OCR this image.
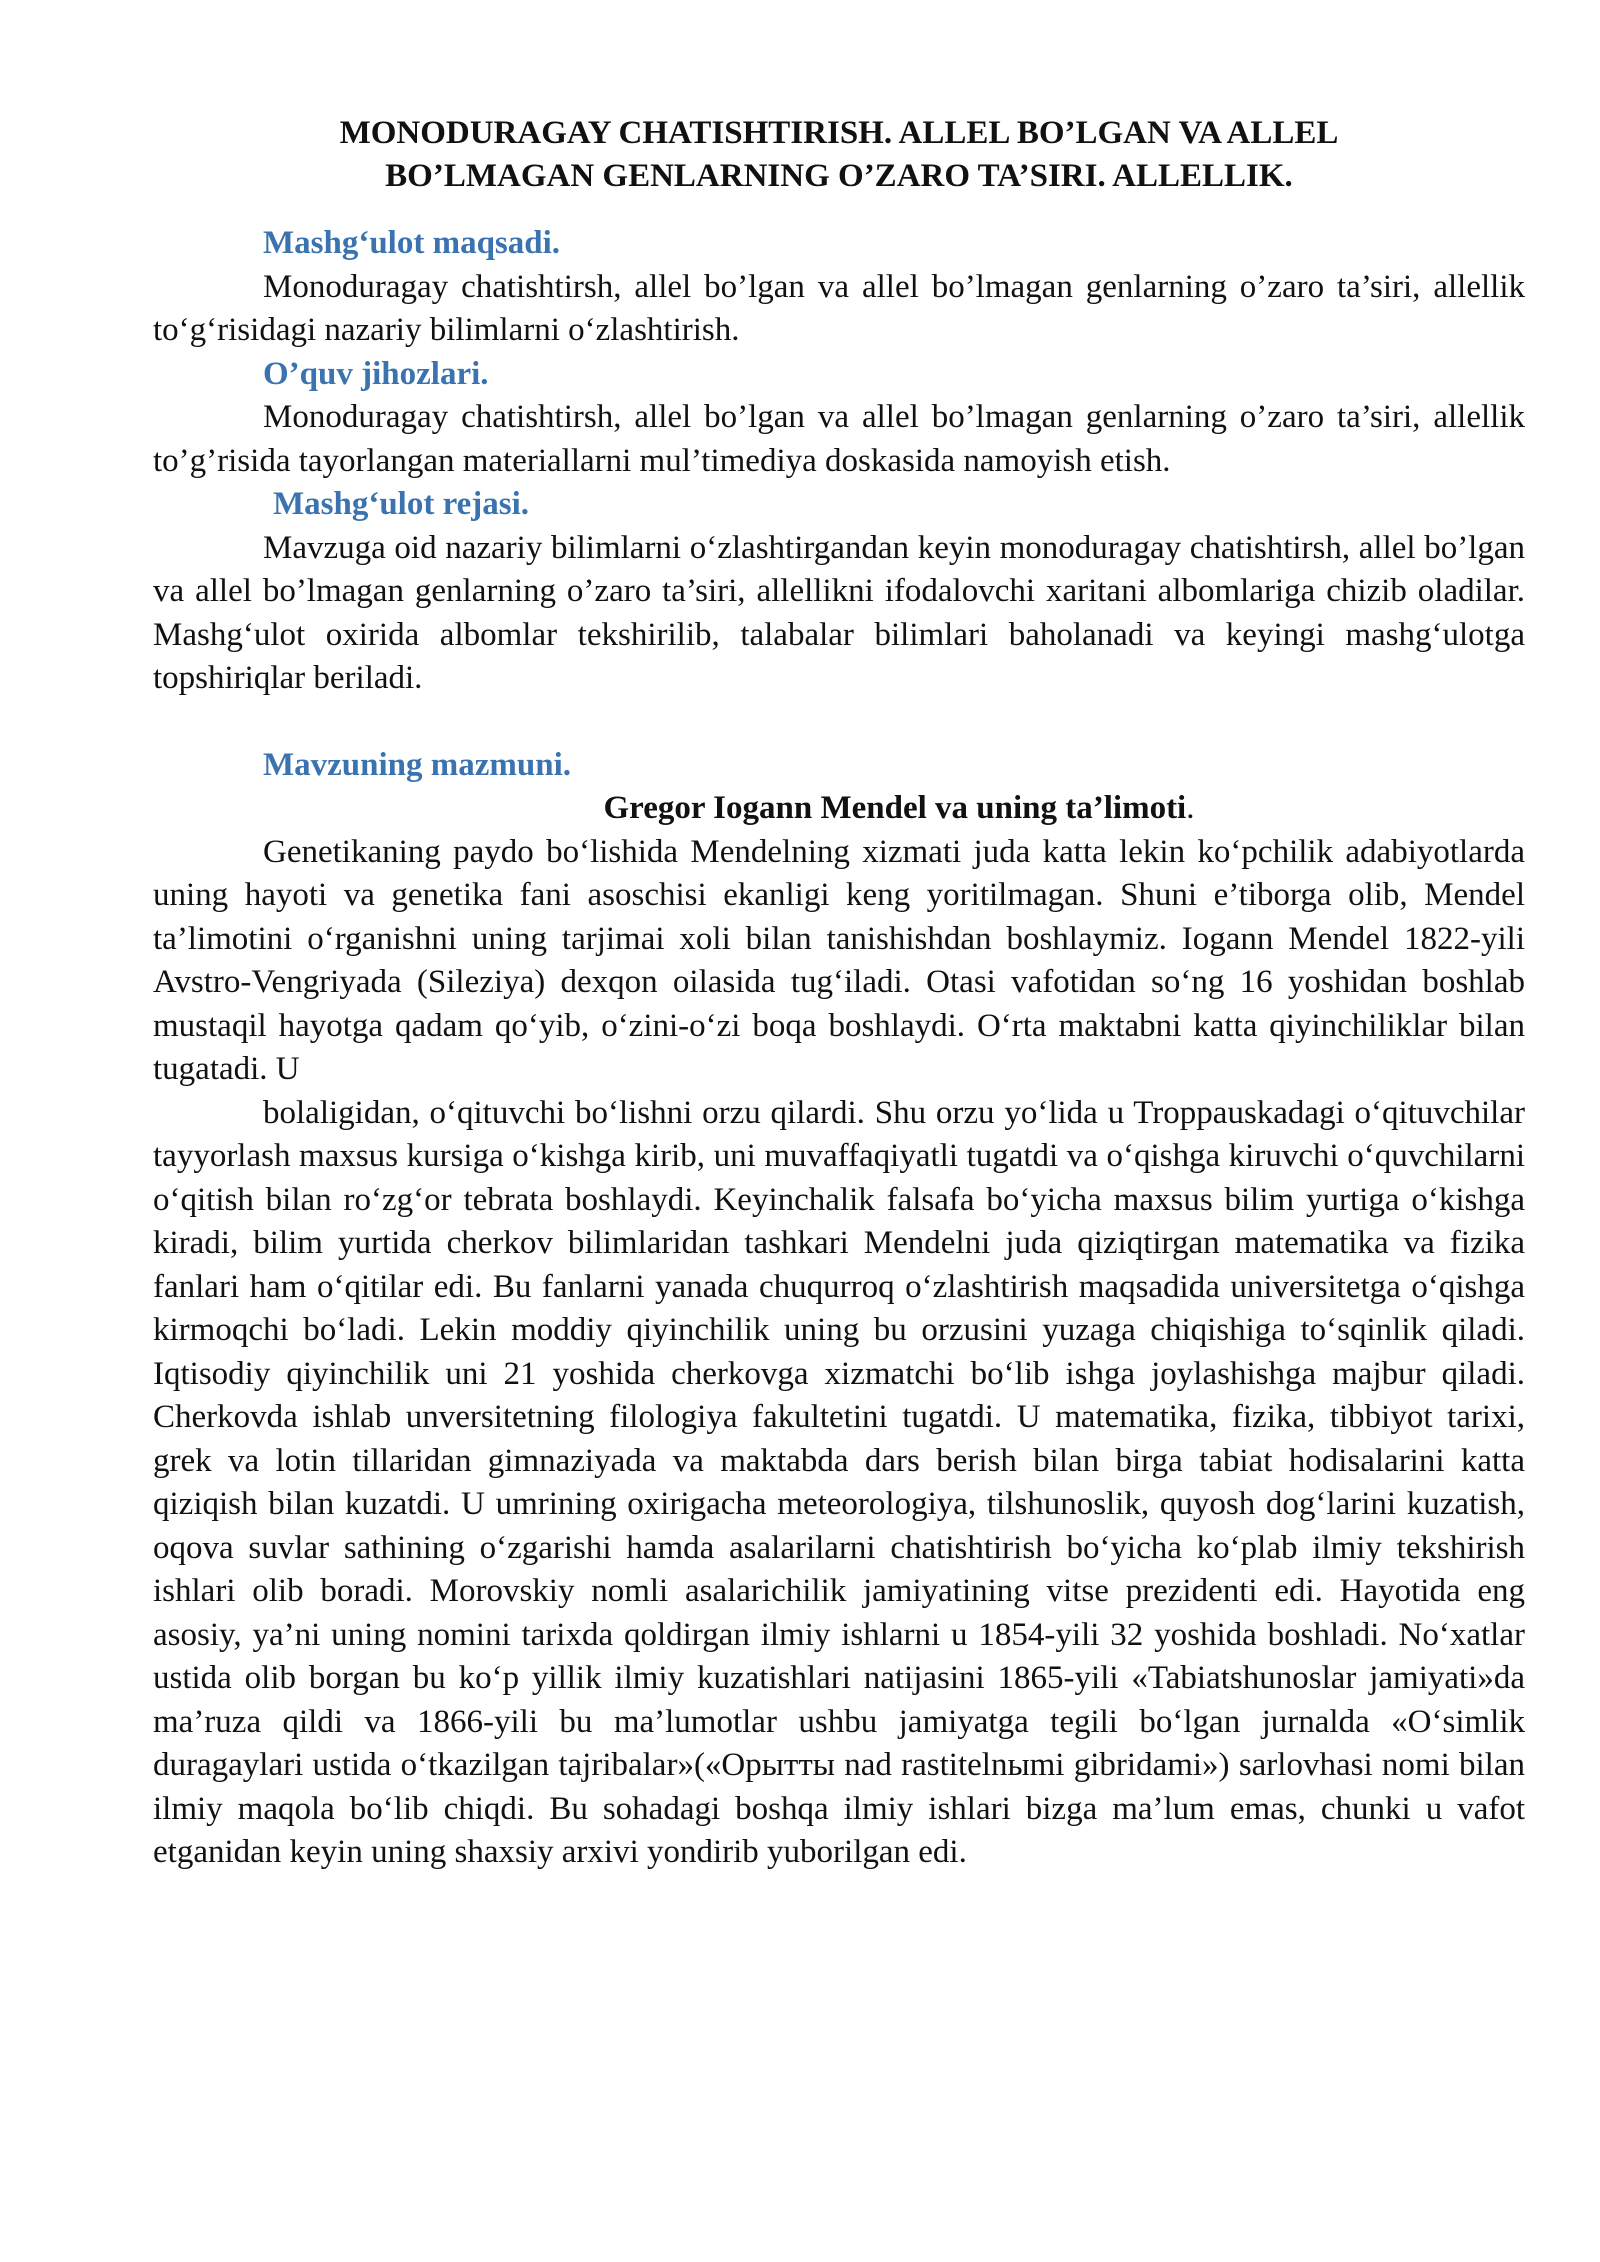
MONODURAGAY CHATISHTIRISH. ALLEL BO’LGAN VA ALLEL
BO’LMAGAN GENLARNING O’ZARO TA’SIRI. ALLELLIK.

Mashg‘ulot maqsadi.

Monoduragay chatishtirsh, allel bo’lgan va allel bo’lmagan genlarning o’zaro ta’siri, allellik to‘g‘risidagi nazariy bilimlarni o‘zlashtirish.

O’quv jihozlari.

Monoduragay chatishtirsh, allel bo’lgan va allel bo’lmagan genlarning o’zaro ta’siri, allellik to’g’risida tayorlangan materiallarni mul’timediya doskasida namoyish etish.

Mashg‘ulot rejasi.

Mavzuga oid nazariy bilimlarni o‘zlashtirgandan keyin monoduragay chatishtirsh, allel bo’lgan va allel bo’lmagan genlarning o’zaro ta’siri, allellikni ifodalovchi xaritani albomlariga chizib oladilar. Mashg‘ulot oxirida albomlar tekshirilib, talabalar bilimlari baholanadi va keyingi mashg‘ulotga topshiriqlar beriladi.

Mavzuning mazmuni.

Gregor Iogann Mendel va uning ta’limoti.

Genetikaning paydo bo‘lishida Mendelning xizmati juda katta lekin ko‘pchilik adabiyotlarda uning hayoti va genetika fani asoschisi ekanligi keng yoritilmagan. Shuni e’tiborga olib, Mendel ta’limotini o‘rganishni uning tarjimai xoli bilan tanishishdan boshlaymiz. Iogann Mendel 1822-yili Avstro-Vengriyada (Sileziya) dexqon oilasida tug‘iladi. Otasi vafotidan so‘ng 16 yoshidan boshlab mustaqil hayotga qadam qo‘yib, o‘zini-o‘zi boqa boshlaydi. O‘rta maktabni katta qiyinchiliklar bilan tugatadi. U

bolaligidan, o‘qituvchi bo‘lishni orzu qilardi. Shu orzu yo‘lida u Troppauskadagi o‘qituvchilar tayyorlash maxsus kursiga o‘kishga kirib, uni muvaffaqiyatli tugatdi va o‘qishga kiruvchi o‘quvchilarni o‘qitish bilan ro‘zg‘or tebrata boshlaydi. Keyinchalik falsafa bo‘yicha maxsus bilim yurtiga o‘kishga kiradi, bilim yurtida cherkov bilimlaridan tashkari Mendelni juda qiziqtirgan matematika va fizika fanlari ham o‘qitilar edi. Bu fanlarni yanada chuqurroq o‘zlashtirish maqsadida universitetga o‘qishga kirmoqchi bo‘ladi. Lekin moddiy qiyinchilik uning bu orzusini yuzaga chiqishiga to‘sqinlik qiladi. Iqtisodiy qiyinchilik uni 21 yoshida cherkovga xizmatchi bo‘lib ishga joylashishga majbur qiladi. Cherkovda ishlab unversitetning filologiya fakultetini tugatdi. U matematika, fizika, tibbiyot tarixi, grek va lotin tillaridan gimnaziyada va maktabda dars berish bilan birga tabiat hodisalarini katta qiziqish bilan kuzatdi. U umrining oxirigacha meteorologiya, tilshunoslik, quyosh dog‘larini kuzatish, oqova suvlar sathining o‘zgarishi hamda asalarilarni chatishtirish bo‘yicha ko‘plab ilmiy tekshirish ishlari olib boradi. Morovskiy nomli asalarichilik jamiyatining vitse prezidenti edi. Hayotida eng asosiy, ya’ni uning nomini tarixda qoldirgan ilmiy ishlarni u 1854-yili 32 yoshida boshladi. No‘xatlar ustida olib borgan bu ko‘p yillik ilmiy kuzatishlari natijasini 1865-yili «Tabiatshunoslar jamiyati»da ma’ruza qildi va 1866-yili bu ma’lumotlar ushbu jamiyatga tegili bo‘lgan jurnalda «O‘simlik duragaylari ustida o‘tkazilgan tajribalar»(«Орытты nad rastitelnыmi gibridami») sarlovhasi nomi bilan ilmiy maqola bo‘lib chiqdi. Bu sohadagi boshqa ilmiy ishlari bizga ma’lum emas, chunki u vafot etganidan keyin uning shaxsiy arxivi yondirib yuborilgan edi.
